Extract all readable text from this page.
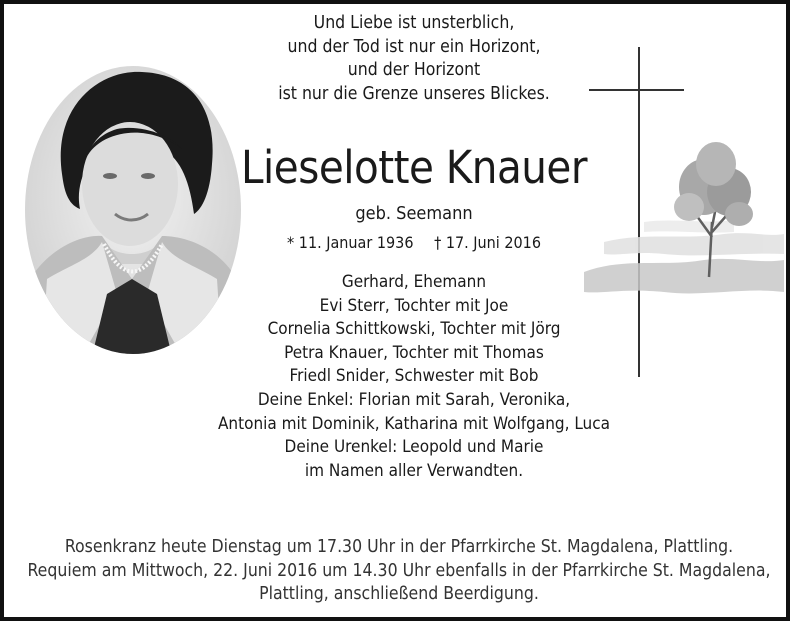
Und Liebe ist unsterblich,
und der Tod ist nur ein Horizont,
und der Horizont
ist nur die Grenze unseres Blickes.
Lieselotte Knauer
geb. Seemann
* 11. Januar 1936 † 17. Juni 2016
Gerhard, Ehemann
Evi Sterr, Tochter mit Joe
Cornelia Schittkowski, Tochter mit Jörg
Petra Knauer, Tochter mit Thomas
Friedl Snider, Schwester mit Bob
Deine Enkel: Florian mit Sarah, Veronika,
Antonia mit Dominik, Katharina mit Wolfgang, Luca
Deine Urenkel: Leopold und Marie
im Namen aller Verwandten.
Rosenkranz heute Dienstag um 17.30 Uhr in der Pfarrkirche St. Magdalena, Plattling.
Requiem am Mittwoch, 22. Juni 2016 um 14.30 Uhr ebenfalls in der Pfarrkirche St. Magdalena,
Plattling, anschließend Beerdigung.
